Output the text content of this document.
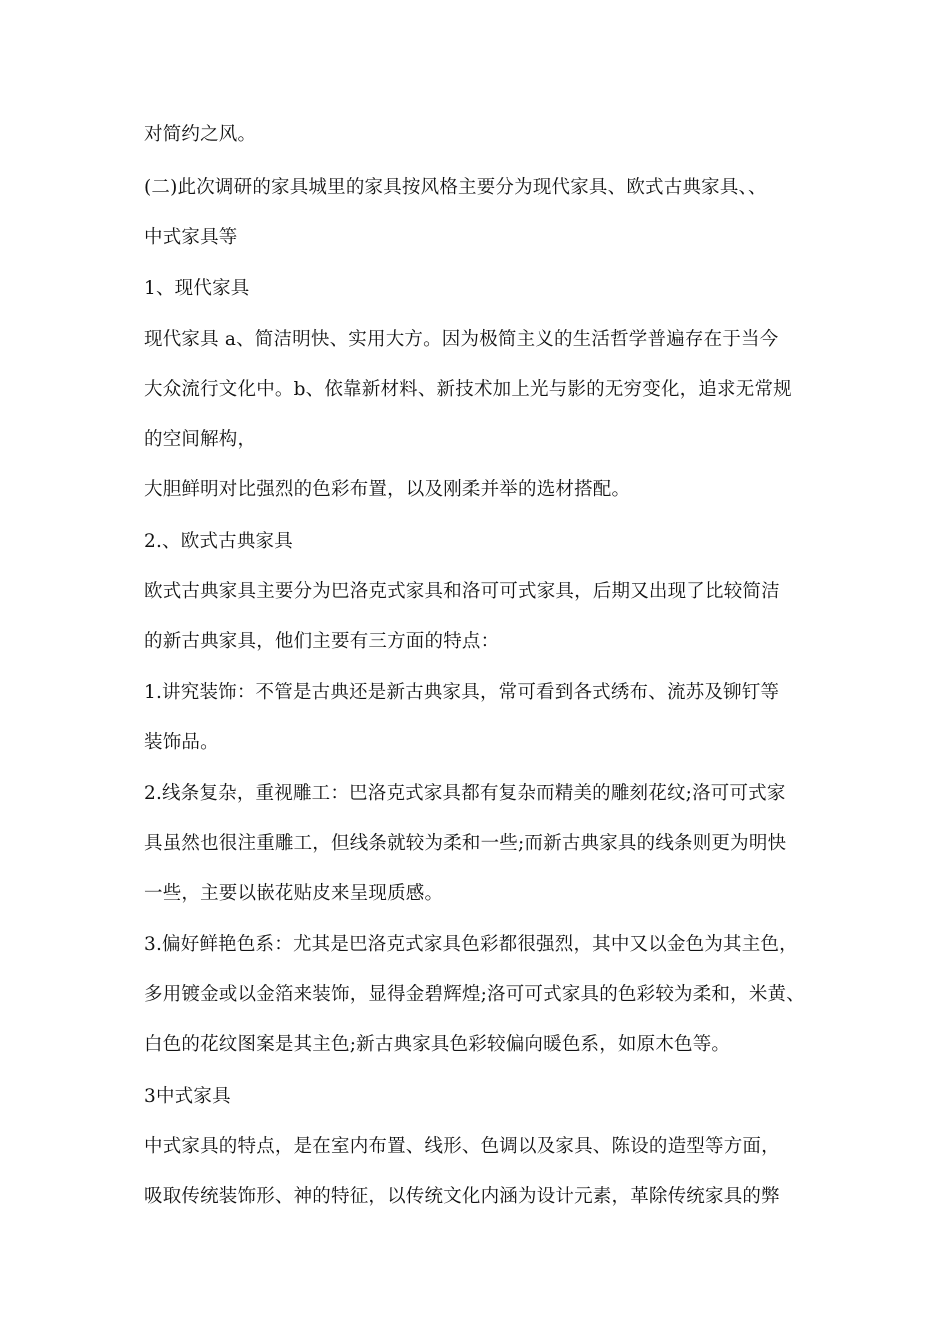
对简约之风。
(二)此次调研的家具城里的家具按风格主要分为现代家具、欧式古典家具、、
中式家具等
1、现代家具
现代家具 a、简洁明快、实用大方。因为极简主义的生活哲学普遍存在于当今
大众流行文化中。b、依靠新材料、新技术加上光与影的无穷变化，追求无常规
的空间解构，
大胆鲜明对比强烈的色彩布置，以及刚柔并举的选材搭配。
2.、欧式古典家具
欧式古典家具主要分为巴洛克式家具和洛可可式家具，后期又出现了比较简洁
的新古典家具，他们主要有三方面的特点：
1.讲究装饰：不管是古典还是新古典家具，常可看到各式绣布、流苏及铆钉等
装饰品。
2.线条复杂，重视雕工：巴洛克式家具都有复杂而精美的雕刻花纹;洛可可式家
具虽然也很注重雕工，但线条就较为柔和一些;而新古典家具的线条则更为明快
一些，主要以嵌花贴皮来呈现质感。
3.偏好鲜艳色系：尤其是巴洛克式家具色彩都很强烈，其中又以金色为其主色，
多用镀金或以金箔来装饰，显得金碧辉煌;洛可可式家具的色彩较为柔和，米黄、
白色的花纹图案是其主色;新古典家具色彩较偏向暖色系，如原木色等。
3中式家具
中式家具的特点，是在室内布置、线形、色调以及家具、陈设的造型等方面，
吸取传统装饰形、神的特征，以传统文化内涵为设计元素，革除传统家具的弊
